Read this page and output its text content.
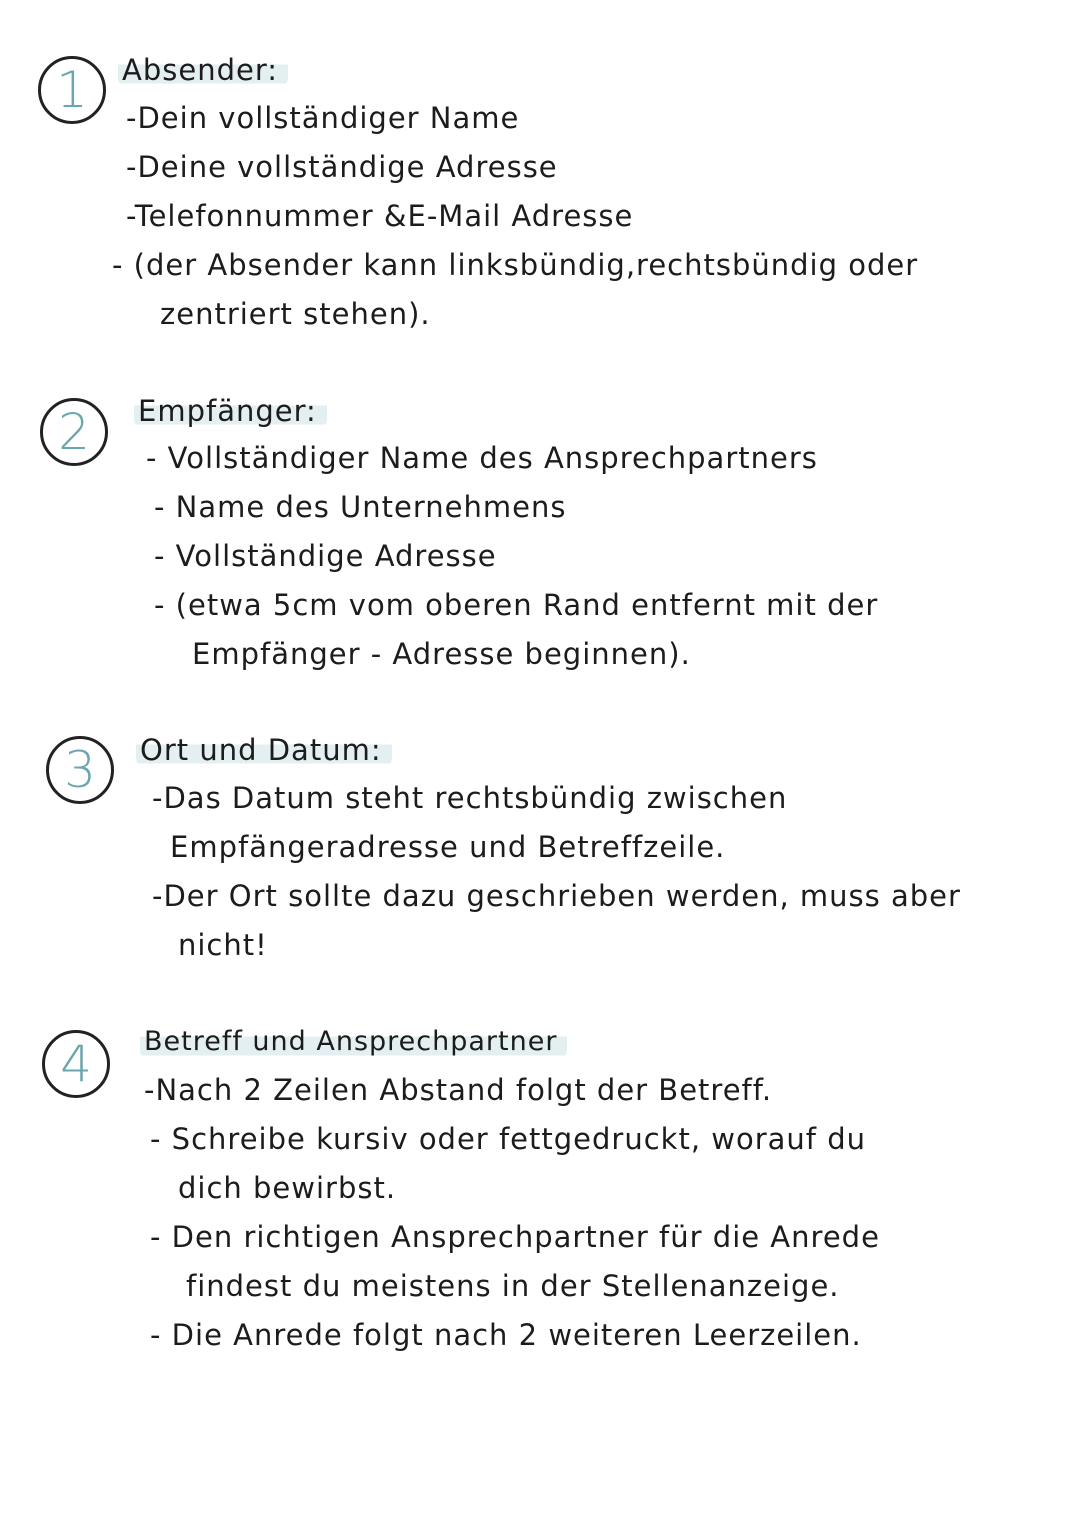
1	Absender:
-Dein vollständiger Name
-Deine vollständige Adresse
-Telefonnummer &E-Mail Adresse
- (der Absender kann linksbündig,rechtsbündig oder
zentriert stehen).
2	Empfänger:
- Vollständiger Name des Ansprechpartners
- Name des Unternehmens
- Vollständige Adresse
- (etwa 5cm vom oberen Rand entfernt mit der
Empfänger - Adresse beginnen).
3	Ort und Datum:
-Das Datum steht rechtsbündig zwischen
Empfängeradresse und Betreffzeile.
-Der Ort sollte dazu geschrieben werden, muss aber
nicht!
4	Betreff und Ansprechpartner
-Nach 2 Zeilen Abstand folgt der Betreff.
- Schreibe kursiv oder fettgedruckt, worauf du
dich bewirbst.
- Den richtigen Ansprechpartner für die Anrede
findest du meistens in der Stellenanzeige.
- Die Anrede folgt nach 2 weiteren Leerzeilen.
